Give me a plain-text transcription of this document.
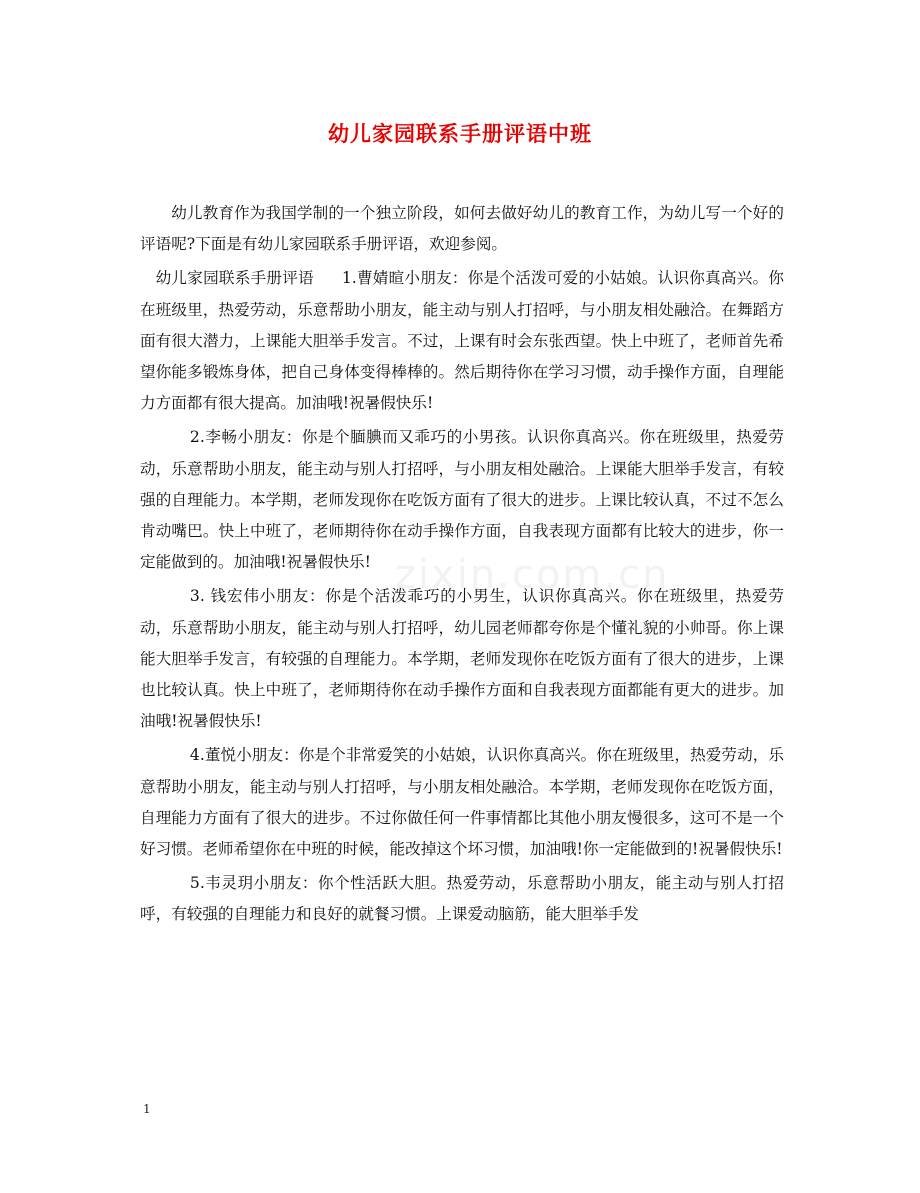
幼儿家园联系手册评语中班

幼儿教育作为我国学制的一个独立阶段，如何去做好幼儿的教育工作，为幼儿写一个好的评语呢?下面是有幼儿家园联系手册评语，欢迎参阅。

幼儿家园联系手册评语 1.曹婧暄小朋友：你是个活泼可爱的小姑娘。认识你真高兴。你在班级里，热爱劳动，乐意帮助小朋友，能主动与别人打招呼，与小朋友相处融洽。在舞蹈方面有很大潜力，上课能大胆举手发言。不过，上课有时会东张西望。快上中班了，老师首先希望你能多锻炼身体，把自己身体变得棒棒的。然后期待你在学习习惯，动手操作方面，自理能力方面都有很大提高。加油哦!祝暑假快乐!

2.李畅小朋友：你是个腼腆而又乖巧的小男孩。认识你真高兴。你在班级里，热爱劳动，乐意帮助小朋友，能主动与别人打招呼，与小朋友相处融洽。上课能大胆举手发言，有较强的自理能力。本学期，老师发现你在吃饭方面有了很大的进步。上课比较认真，不过不怎么肯动嘴巴。快上中班了，老师期待你在动手操作方面，自我表现方面都有比较大的进步，你一定能做到的。加油哦!祝暑假快乐!

3. 钱宏伟小朋友：你是个活泼乖巧的小男生，认识你真高兴。你在班级里，热爱劳动，乐意帮助小朋友，能主动与别人打招呼，幼儿园老师都夸你是个懂礼貌的小帅哥。你上课能大胆举手发言，有较强的自理能力。本学期，老师发现你在吃饭方面有了很大的进步，上课也比较认真。快上中班了，老师期待你在动手操作方面和自我表现方面都能有更大的进步。加油哦!祝暑假快乐!

4.董悦小朋友：你是个非常爱笑的小姑娘，认识你真高兴。你在班级里，热爱劳动，乐意帮助小朋友，能主动与别人打招呼，与小朋友相处融洽。本学期，老师发现你在吃饭方面，自理能力方面有了很大的进步。不过你做任何一件事情都比其他小朋友慢很多，这可不是一个好习惯。老师希望你在中班的时候，能改掉这个坏习惯，加油哦!你一定能做到的!祝暑假快乐!

5.韦灵玥小朋友：你个性活跃大胆。热爱劳动，乐意帮助小朋友，能主动与别人打招呼，有较强的自理能力和良好的就餐习惯。上课爱动脑筋，能大胆举手发

zixin.com.cn
1
